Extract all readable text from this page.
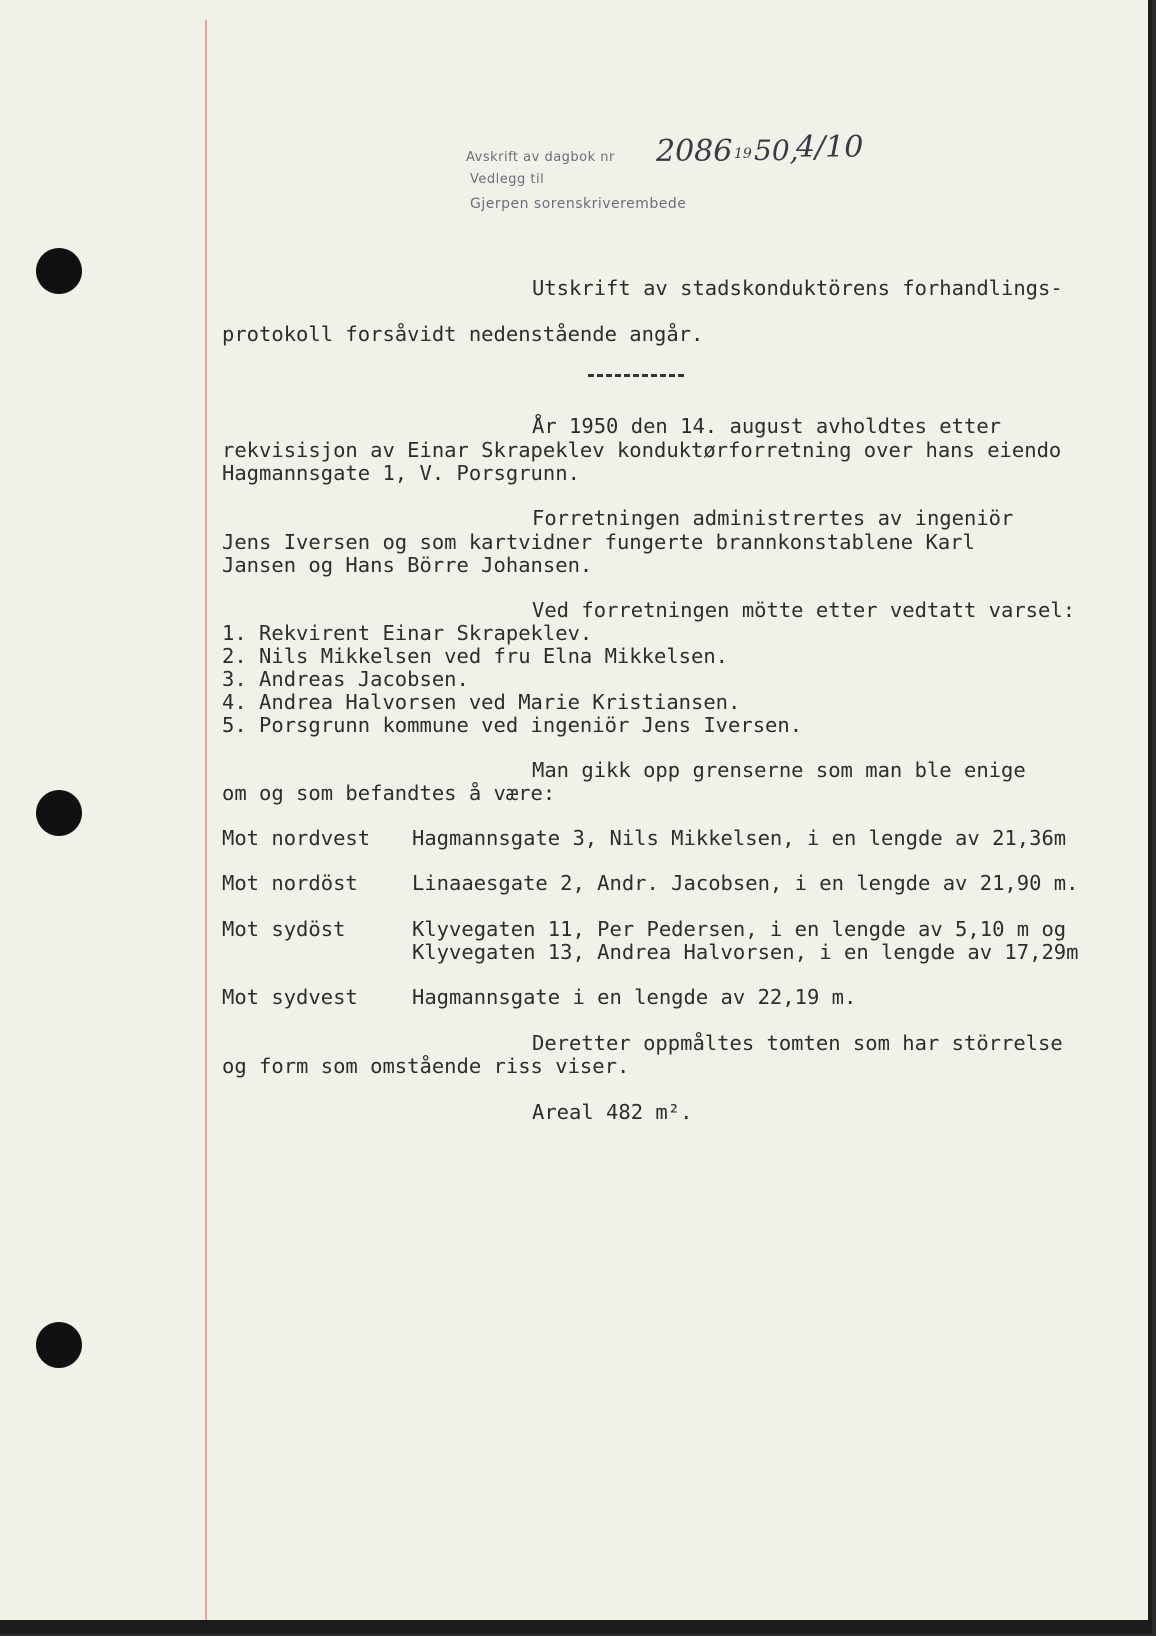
Avskrift av dagbok nr
Vedlegg til
Gjerpen sorenskriverembede
2086 19 50,
4/10
Utskrift av stadskonduktörens forhandlings-
protokoll forsåvidt nedenstående angår.
År 1950 den 14. august avholdtes etter
rekvisisjon av Einar Skrapeklev konduktørforretning over hans eiendo
Hagmannsgate 1, V. Porsgrunn.
Forretningen administrertes av ingeniör
Jens Iversen og som kartvidner fungerte brannkonstablene Karl
Jansen og Hans Börre Johansen.
Ved forretningen mötte etter vedtatt varsel:
1. Rekvirent Einar Skrapeklev.
2. Nils Mikkelsen ved fru Elna Mikkelsen.
3. Andreas Jacobsen.
4. Andrea Halvorsen ved Marie Kristiansen.
5. Porsgrunn kommune ved ingeniör Jens Iversen.
Man gikk opp grenserne som man ble enige
om og som befandtes å være:
Mot nordvest Hagmannsgate 3, Nils Mikkelsen, i en lengde av 21,36m
Mot nordöst	Linaaesgate 2, Andr. Jacobsen, i en lengde av 21,90 m.
Mot sydöst	Klyvegaten 11, Per Pedersen, i en lengde av 5,10 m og
Klyvegaten 13, Andrea Halvorsen, i en lengde av 17,29m
Mot sydvest	Hagmannsgate i en lengde av 22,19 m.
Deretter oppmåltes tomten som har störrelse
og form som omstående riss viser.
Areal 482 m².
